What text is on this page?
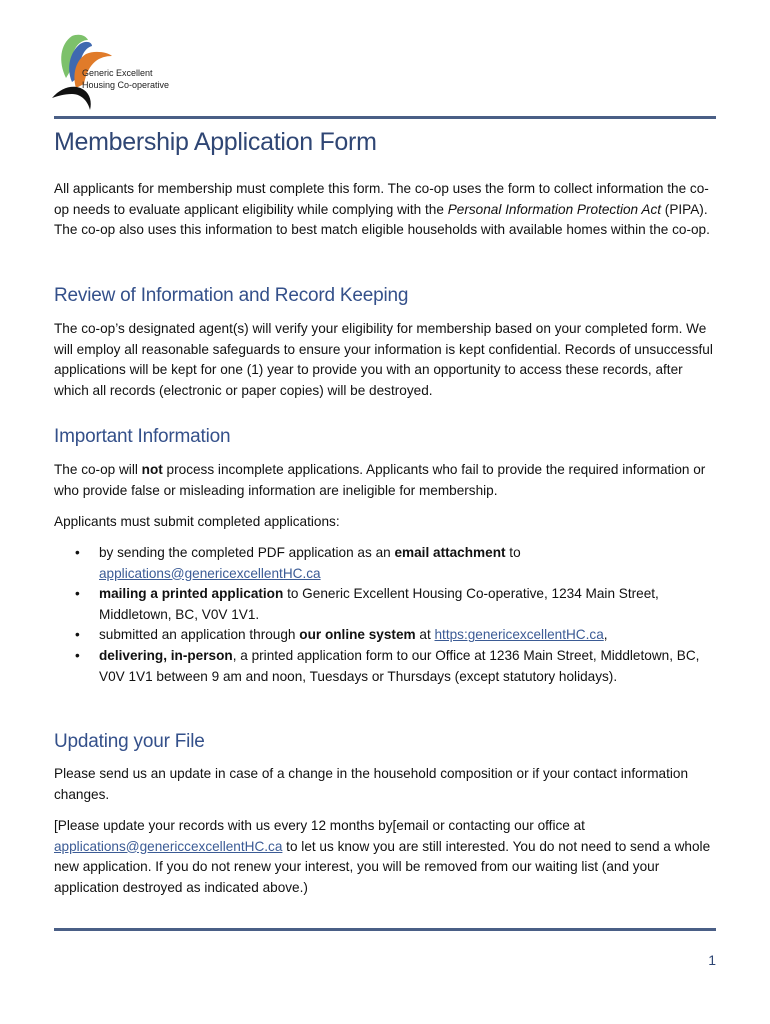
Generic Excellent
Housing Co-operative
Membership Application Form

All applicants for membership must complete this form. The co-op uses the form to collect information the co-op needs to evaluate applicant eligibility while complying with the Personal Information Protection Act (PIPA). The co-op also uses this information to best match eligible households with available homes within the co-op.

Review of Information and Record Keeping

The co-op’s designated agent(s) will verify your eligibility for membership based on your completed form. We will employ all reasonable safeguards to ensure your information is kept confidential. Records of unsuccessful applications will be kept for one (1) year to provide you with an opportunity to access these records, after which all records (electronic or paper copies) will be destroyed.

Important Information

The co-op will not process incomplete applications. Applicants who fail to provide the required information or who provide false or misleading information are ineligible for membership.

Applicants must submit completed applications:

• by sending the completed PDF application as an email attachment to applications@genericexcellentHC.ca
• mailing a printed application to Generic Excellent Housing Co-operative, 1234 Main Street, Middletown, BC, V0V 1V1.
• submitted an application through our online system at https:genericexcellentHC.ca,
• delivering, in-person, a printed application form to our Office at 1236 Main Street, Middletown, BC, V0V 1V1 between 9 am and noon, Tuesdays or Thursdays (except statutory holidays).
Updating your File

Please send us an update in case of a change in the household composition or if your contact information changes.

[Please update your records with us every 12 months by[email or contacting our office at applications@genericcexcellentHC.ca to let us know you are still interested. You do not need to send a whole new application. If you do not renew your interest, you will be removed from our waiting list (and your application destroyed as indicated above.)

1
